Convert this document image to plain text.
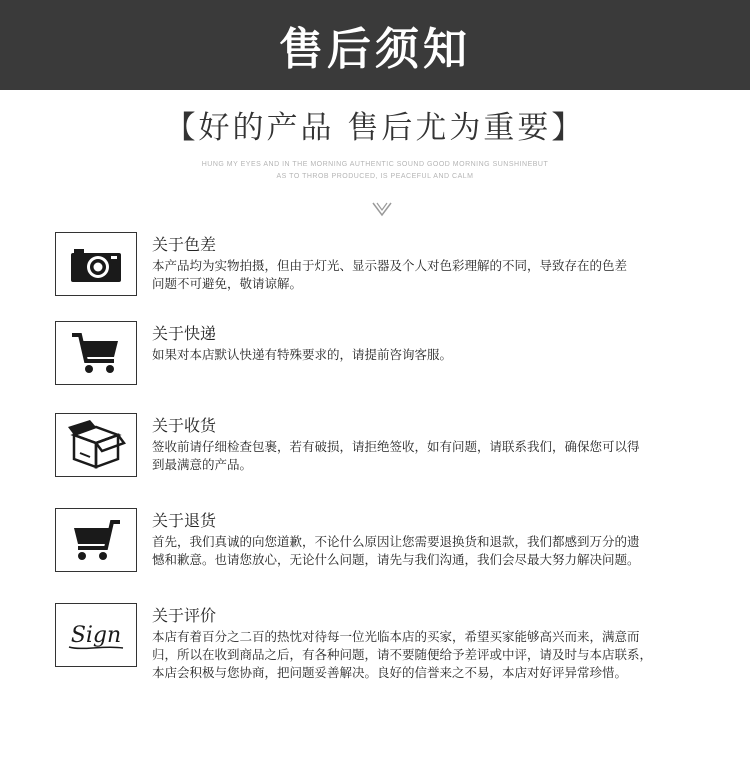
售后须知
【好的产品 售后尤为重要】
HUNG MY EYES AND IN THE MORNING AUTHENTIC SOUND GOOD MORNING SUNSHINEBUT
AS TO THROB PRODUCED, IS PEACEFUL AND CALM
关于色差
本产品均为实物拍摄，但由于灯光、显示器及个人对色彩理解的不同，导致存在的色差
问题不可避免，敬请谅解。
关于快递
如果对本店默认快递有特殊要求的，请提前咨询客服。
关于收货
签收前请仔细检查包裹，若有破损，请拒绝签收，如有问题，请联系我们，确保您可以得
到最满意的产品。
关于退货
首先，我们真诚的向您道歉，不论什么原因让您需要退换货和退款，我们都感到万分的遗
憾和歉意。也请您放心，无论什么问题，请先与我们沟通，我们会尽最大努力解决问题。
Sign
关于评价
本店有着百分之二百的热忱对待每一位光临本店的买家，希望买家能够高兴而来，满意而
归，所以在收到商品之后，有各种问题，请不要随便给予差评或中评，请及时与本店联系，
本店会积极与您协商，把问题妥善解决。良好的信誉来之不易，本店对好评异常珍惜。
